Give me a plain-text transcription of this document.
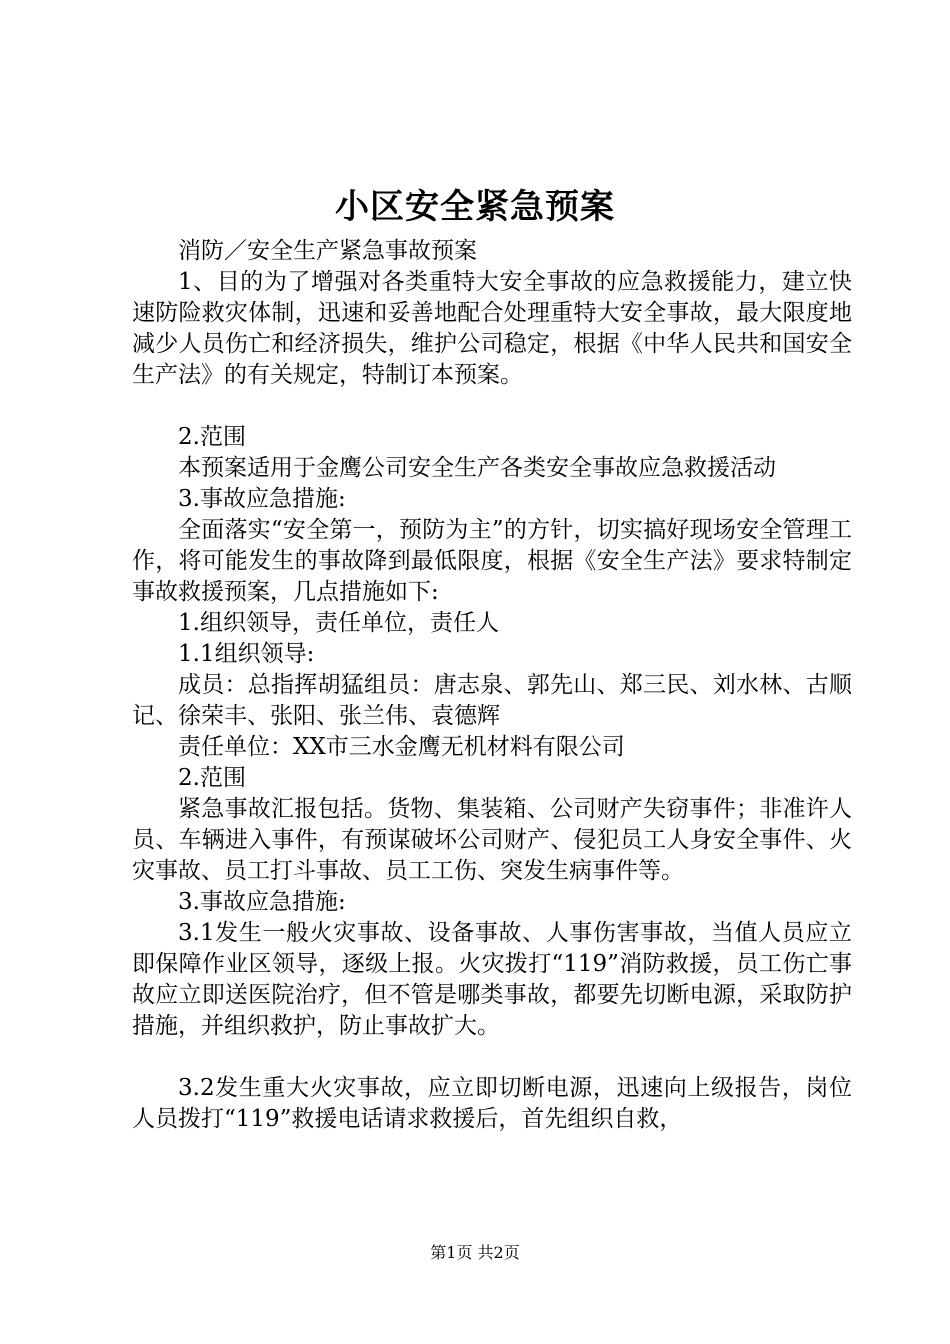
小区安全紧急预案

消防／安全生产紧急事故预案

1、目的为了增强对各类重特大安全事故的应急救援能力，建立快速防险救灾体制，迅速和妥善地配合处理重特大安全事故，最大限度地减少人员伤亡和经济损失，维护公司稳定，根据《中华人民共和国安全生产法》的有关规定，特制订本预案。

2.范围

本预案适用于金鹰公司安全生产各类安全事故应急救援活动

3.事故应急措施:

全面落实“安全第一，预防为主”的方针，切实搞好现场安全管理工作，将可能发生的事故降到最低限度，根据《安全生产法》要求特制定事故救援预案，几点措施如下:

1.组织领导，责任单位，责任人

1.1组织领导:

成员：总指挥胡猛组员：唐志泉、郭先山、郑三民、刘水林、古顺记、徐荣丰、张阳、张兰伟、袁德辉

责任单位：XX市三水金鹰无机材料有限公司

2.范围

紧急事故汇报包括。货物、集装箱、公司财产失窃事件；非准许人员、车辆进入事件，有预谋破坏公司财产、侵犯员工人身安全事件、火灾事故、员工打斗事故、员工工伤、突发生病事件等。

3.事故应急措施:

3.1发生一般火灾事故、设备事故、人事伤害事故，当值人员应立即保障作业区领导，逐级上报。火灾拨打“119”消防救援，员工伤亡事故应立即送医院治疗，但不管是哪类事故，都要先切断电源，采取防护措施，并组织救护，防止事故扩大。

3.2发生重大火灾事故，应立即切断电源，迅速向上级报告，岗位人员拨打“119”救援电话请求救援后，首先组织自救，

第1页 共2页
